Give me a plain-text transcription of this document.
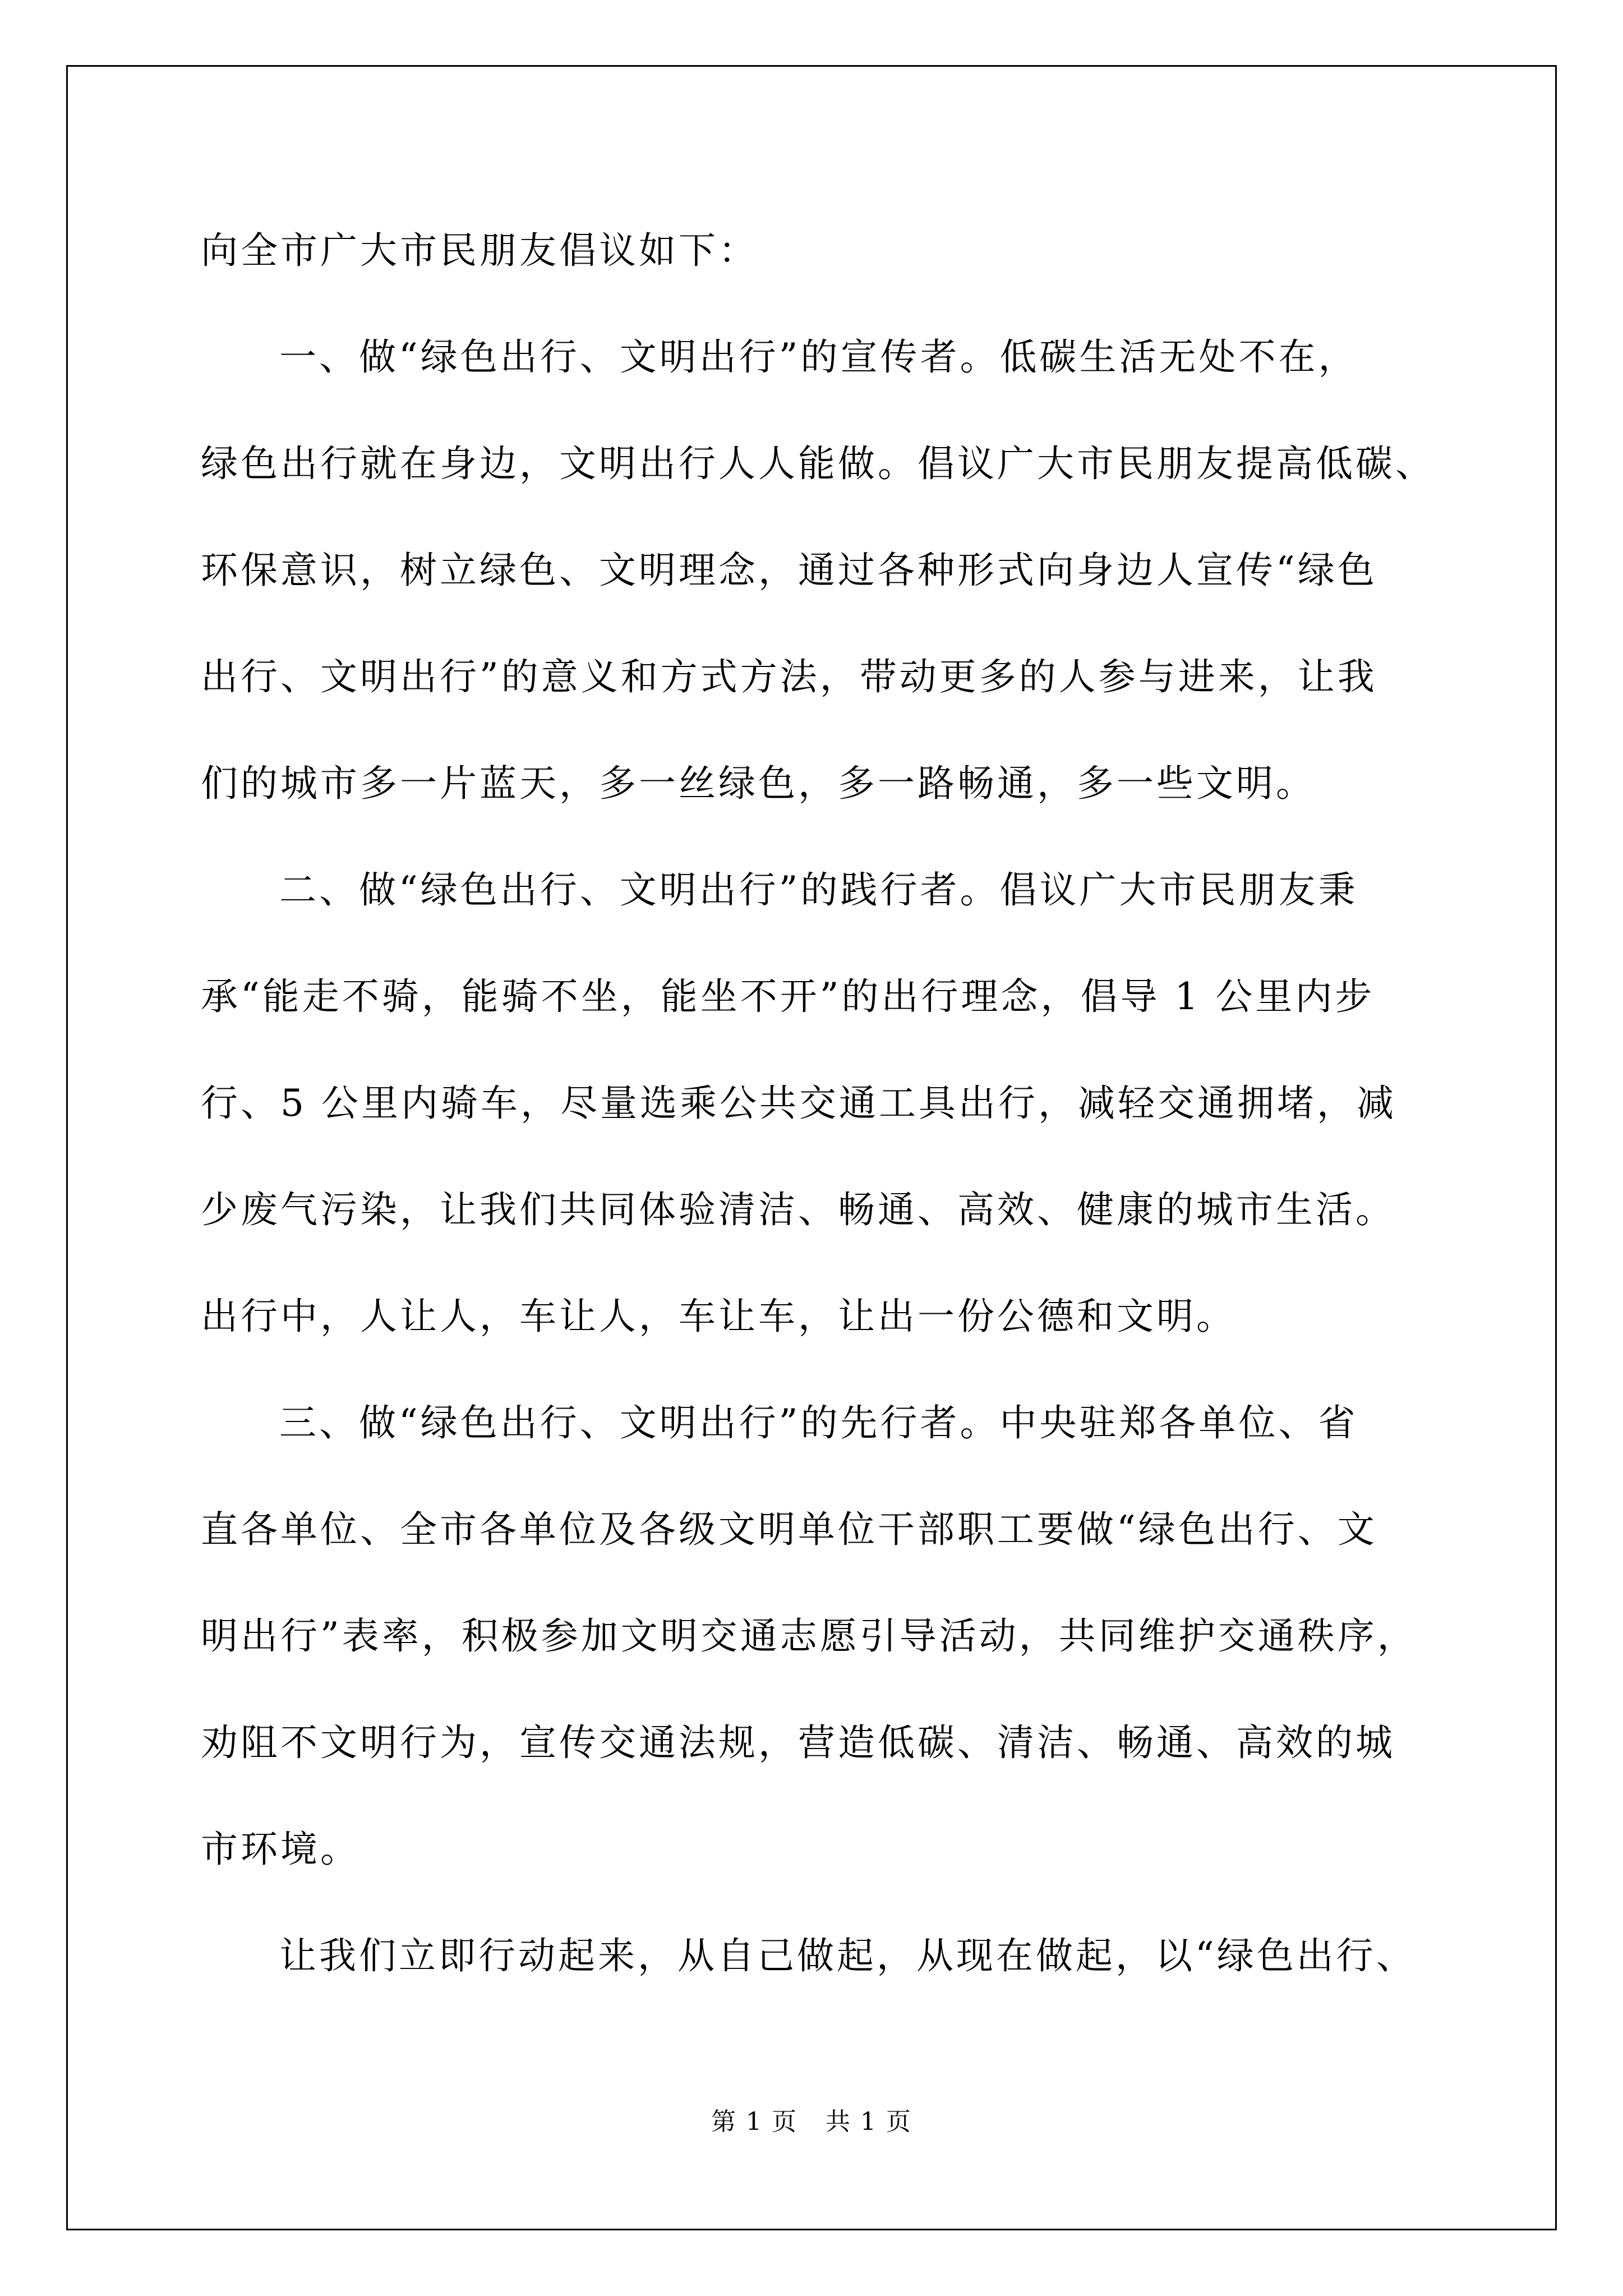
向全市广大市民朋友倡议如下：
一、做“绿色出行、文明出行”的宣传者。低碳生活无处不在，
绿色出行就在身边，文明出行人人能做。倡议广大市民朋友提高低碳、
环保意识，树立绿色、文明理念，通过各种形式向身边人宣传“绿色
出行、文明出行”的意义和方式方法，带动更多的人参与进来，让我
们的城市多一片蓝天，多一丝绿色，多一路畅通，多一些文明。
二、做“绿色出行、文明出行”的践行者。倡议广大市民朋友秉
承“能走不骑，能骑不坐，能坐不开”的出行理念，倡导 1 公里内步
行、5 公里内骑车，尽量选乘公共交通工具出行，减轻交通拥堵，减
少废气污染，让我们共同体验清洁、畅通、高效、健康的城市生活。
出行中，人让人，车让人，车让车，让出一份公德和文明。
三、做“绿色出行、文明出行”的先行者。中央驻郑各单位、省
直各单位、全市各单位及各级文明单位干部职工要做“绿色出行、文
明出行”表率，积极参加文明交通志愿引导活动，共同维护交通秩序，
劝阻不文明行为，宣传交通法规，营造低碳、清洁、畅通、高效的城
市环境。
让我们立即行动起来，从自己做起，从现在做起，以“绿色出行、
第 1 页 共 1 页
